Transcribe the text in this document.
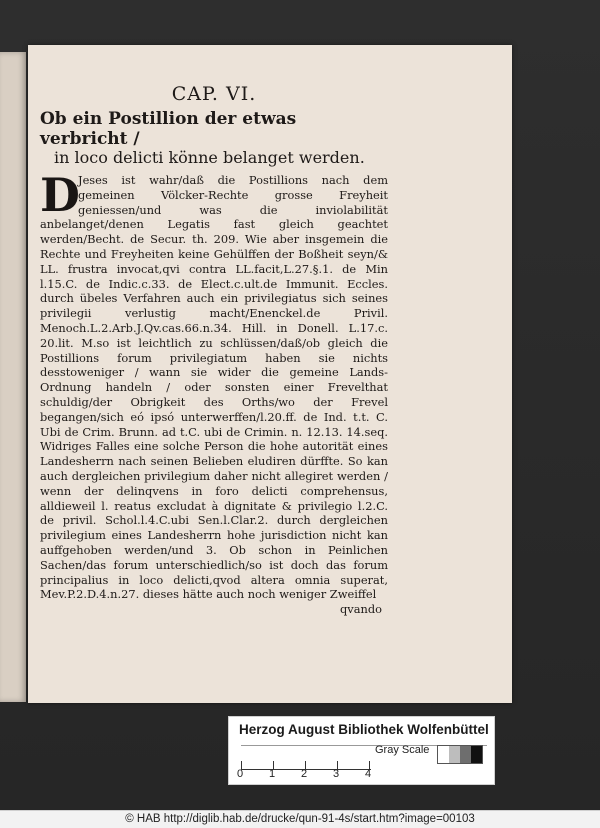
CAP. VI.
Ob ein Postillion der etwas verbricht /
in loco delicti könne belanget werden.

D
Jeses ist wahr/daß die Postillions nach dem gemeinen Völcker-Rechte grosse Freyheit geniessen/und was die inviolabilität anbelanget/denen Legatis fast gleich geachtet werden/Becht. de Secur. th. 209. Wie aber insgemein die Rechte und Freyheiten keine Gehülffen der Boßheit seyn/& LL. frustra invocat,qvi contra LL.facit,L.27.§.1. de Min l.15.C. de Indic.c.33. de Elect.c.ult.de Immunit. Eccles. durch übeles Verfahren auch ein privilegiatus sich seines privilegii verlustig macht/Enenckel.de Privil. Menoch.L.2.Arb.J.Qv.cas.66.n.34. Hill. in Donell. L.17.c. 20.lit. M.so ist leichtlich zu schlüssen/daß/ob gleich die Postillions forum privilegiatum haben sie nichts desstoweniger / wann sie wider die gemeine Lands-Ordnung handeln / oder sonsten einer Frevelthat schuldig/der Obrigkeit des Orths/wo der Frevel begangen/sich eó ipsó unterwerffen/l.20.ff. de Ind. t.t. C. Ubi de Crim. Brunn. ad t.C. ubi de Crimin. n. 12.13. 14.seq. Widriges Falles eine solche Person die hohe autorität eines Landesherrn nach seinen Belieben eludiren dürffte. So kan auch dergleichen privilegium daher nicht allegiret werden / wenn der delinqvens in foro delicti comprehensus, alldieweil l. reatus excludat à dignitate & privilegio l.2.C. de privil. Schol.l.4.C.ubi Sen.l.Clar.2. durch dergleichen privilegium eines Landesherrn hohe jurisdiction nicht kan auffgehoben werden/und 3. Ob schon in Peinlichen Sachen/das forum unterschiedlich/so ist doch das forum principalius in loco delicti,qvod altera omnia superat, Mev.P.2.D.4.n.27. dieses hätte auch noch weniger Zweiffel

qvando
Herzog August Bibliothek Wolfenbüttel
Gray Scale
0 1 2 3 4
© HAB http://diglib.hab.de/drucke/qun-91-4s/start.htm?image=00103
